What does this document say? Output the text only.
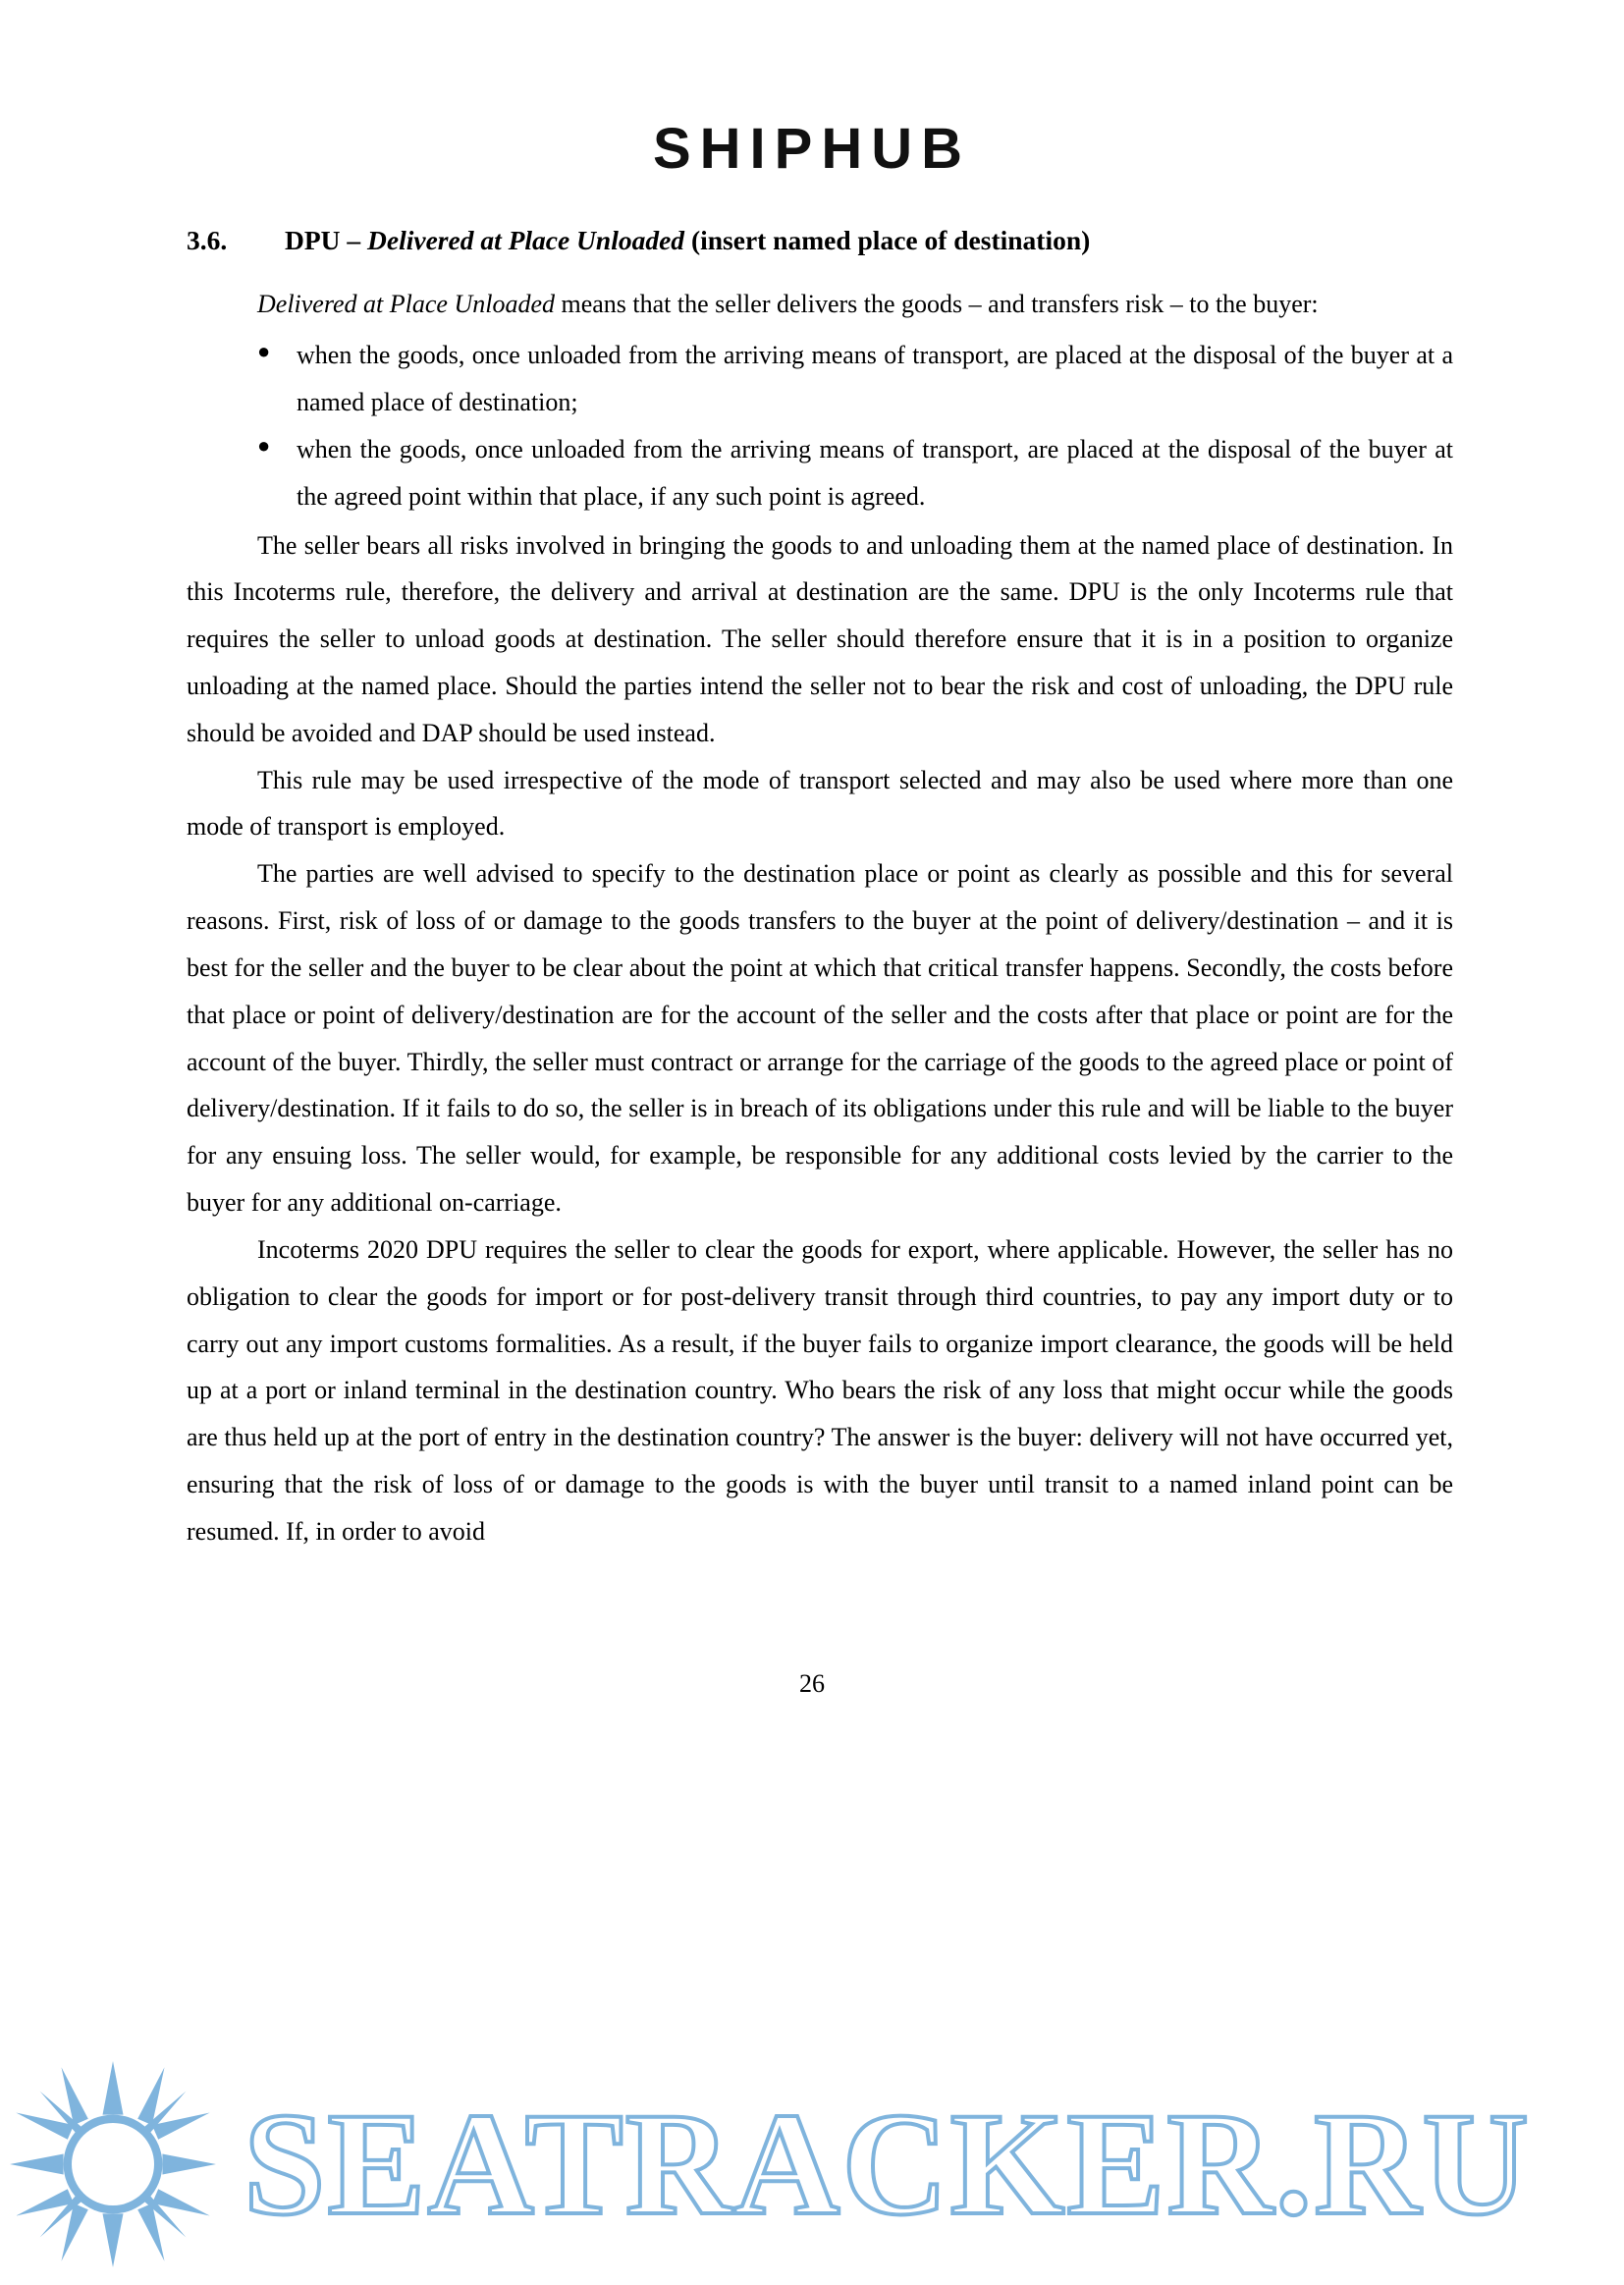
SHIPHUB
3.6. DPU – Delivered at Place Unloaded (insert named place of destination)

Delivered at Place Unloaded means that the seller delivers the goods – and transfers risk – to the buyer:

● when the goods, once unloaded from the arriving means of transport, are placed at the disposal of the buyer at a named place of destination;
● when the goods, once unloaded from the arriving means of transport, are placed at the disposal of the buyer at the agreed point within that place, if any such point is agreed.

The seller bears all risks involved in bringing the goods to and unloading them at the named place of destination. In this Incoterms rule, therefore, the delivery and arrival at destination are the same. DPU is the only Incoterms rule that requires the seller to unload goods at destination. The seller should therefore ensure that it is in a position to organize unloading at the named place. Should the parties intend the seller not to bear the risk and cost of unloading, the DPU rule should be avoided and DAP should be used instead.

This rule may be used irrespective of the mode of transport selected and may also be used where more than one mode of transport is employed.

The parties are well advised to specify to the destination place or point as clearly as possible and this for several reasons. First, risk of loss of or damage to the goods transfers to the buyer at the point of delivery/destination – and it is best for the seller and the buyer to be clear about the point at which that critical transfer happens. Secondly, the costs before that place or point of delivery/destination are for the account of the seller and the costs after that place or point are for the account of the buyer. Thirdly, the seller must contract or arrange for the carriage of the goods to the agreed place or point of delivery/destination. If it fails to do so, the seller is in breach of its obligations under this rule and will be liable to the buyer for any ensuing loss. The seller would, for example, be responsible for any additional costs levied by the carrier to the buyer for any additional on-carriage.

Incoterms 2020 DPU requires the seller to clear the goods for export, where applicable. However, the seller has no obligation to clear the goods for import or for post-delivery transit through third countries, to pay any import duty or to carry out any import customs formalities. As a result, if the buyer fails to organize import clearance, the goods will be held up at a port or inland terminal in the destination country. Who bears the risk of any loss that might occur while the goods are thus held up at the port of entry in the destination country? The answer is the buyer: delivery will not have occurred yet, ensuring that the risk of loss of or damage to the goods is with the buyer until transit to a named inland point can be resumed. If, in order to avoid

26
SEATRACKER.RU
